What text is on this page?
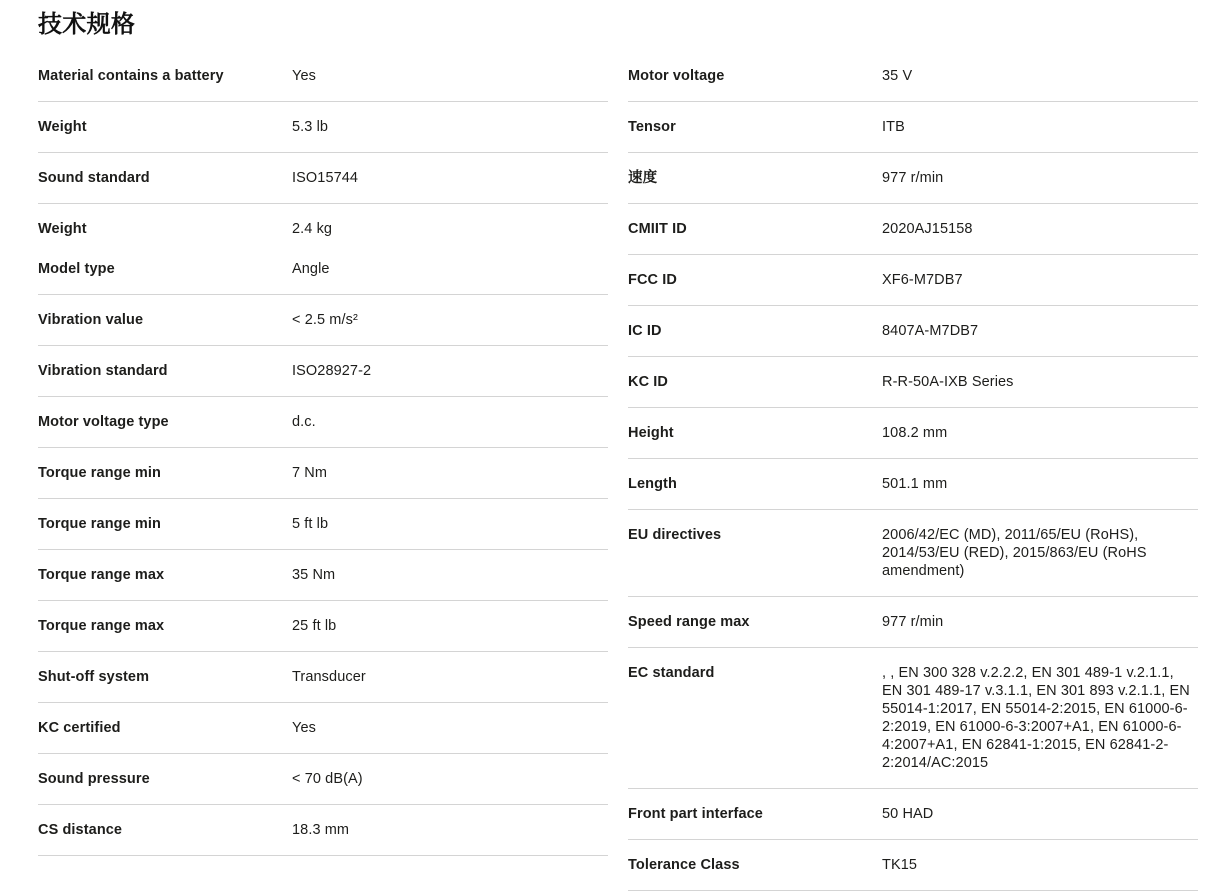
技术规格
Material contains a battery	Yes
Weight	5.3 lb
Sound standard	ISO15744
Weight	2.4 kg
Model type	Angle
Vibration value	< 2.5 m/s²
Vibration standard	ISO28927-2
Motor voltage type	d.c.
Torque range min	7 Nm
Torque range min	5 ft lb
Torque range max	35 Nm
Torque range max	25 ft lb
Shut-off system	Transducer
KC certified	Yes
Sound pressure	< 70 dB(A)
CS distance	18.3 mm
Motor voltage	35 V
Tensor	ITB
速度	977 r/min
CMIIT ID	2020AJ15158
FCC ID	XF6-M7DB7
IC ID	8407A-M7DB7
KC ID	R-R-50A-IXB Series
Height	108.2 mm
Length	501.1 mm
EU directives	2006/42/EC (MD), 2011/65/EU (RoHS), 2014/53/EU (RED), 2015/863/EU (RoHS amendment)
Speed range max	977 r/min
EC standard	, , EN 300 328 v.2.2.2, EN 301 489-1 v.2.1.1, EN 301 489-17 v.3.1.1, EN 301 893 v.2.1.1, EN 55014-1:2017, EN 55014-2:2015, EN 61000-6-2:2019, EN 61000-6-3:2007+A1, EN 61000-6-4:2007+A1, EN 62841-1:2015, EN 62841-2-2:2014/AC:2015
Front part interface	50 HAD
Tolerance Class	TK15
